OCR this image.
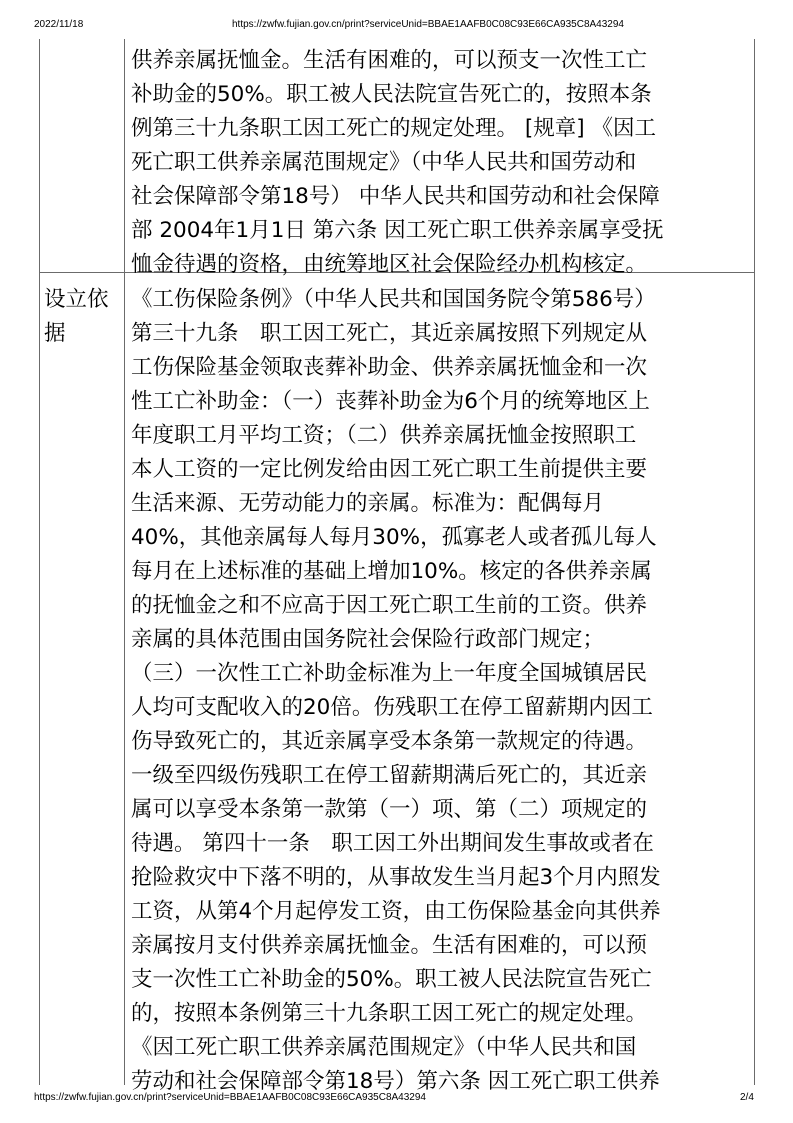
2022/11/18	https://zwfw.fujian.gov.cn/print?serviceUnid=BBAE1AAFB0C08C93E66CA935C8A43294
供养亲属抚恤金。生活有困难的，可以预支一次性工亡
补助金的50%。职工被人民法院宣告死亡的，按照本条
例第三十九条职工因工死亡的规定处理。 [规章] 《因工
死亡职工供养亲属范围规定》（中华人民共和国劳动和
社会保障部令第18号） 中华人民共和国劳动和社会保障
部 2004年1月1日 第六条 因工死亡职工供养亲属享受抚
恤金待遇的资格，由统筹地区社会保险经办机构核定。
设立依
据
《工伤保险条例》（中华人民共和国国务院令第586号）
第三十九条　职工因工死亡，其近亲属按照下列规定从
工伤保险基金领取丧葬补助金、供养亲属抚恤金和一次
性工亡补助金：（一）丧葬补助金为6个月的统筹地区上
年度职工月平均工资；（二）供养亲属抚恤金按照职工
本人工资的一定比例发给由因工死亡职工生前提供主要
生活来源、无劳动能力的亲属。标准为：配偶每月
40%，其他亲属每人每月30%，孤寡老人或者孤儿每人
每月在上述标准的基础上增加10%。核定的各供养亲属
的抚恤金之和不应高于因工死亡职工生前的工资。供养
亲属的具体范围由国务院社会保险行政部门规定；
（三）一次性工亡补助金标准为上一年度全国城镇居民
人均可支配收入的20倍。伤残职工在停工留薪期内因工
伤导致死亡的，其近亲属享受本条第一款规定的待遇。
一级至四级伤残职工在停工留薪期满后死亡的，其近亲
属可以享受本条第一款第（一）项、第（二）项规定的
待遇。 第四十一条　职工因工外出期间发生事故或者在
抢险救灾中下落不明的，从事故发生当月起3个月内照发
工资，从第4个月起停发工资，由工伤保险基金向其供养
亲属按月支付供养亲属抚恤金。生活有困难的，可以预
支一次性工亡补助金的50%。职工被人民法院宣告死亡
的，按照本条例第三十九条职工因工死亡的规定处理。
《因工死亡职工供养亲属范围规定》（中华人民共和国
劳动和社会保障部令第18号）第六条 因工死亡职工供养
https://zwfw.fujian.gov.cn/print?serviceUnid=BBAE1AAFB0C08C93E66CA935C8A43294	2/4
